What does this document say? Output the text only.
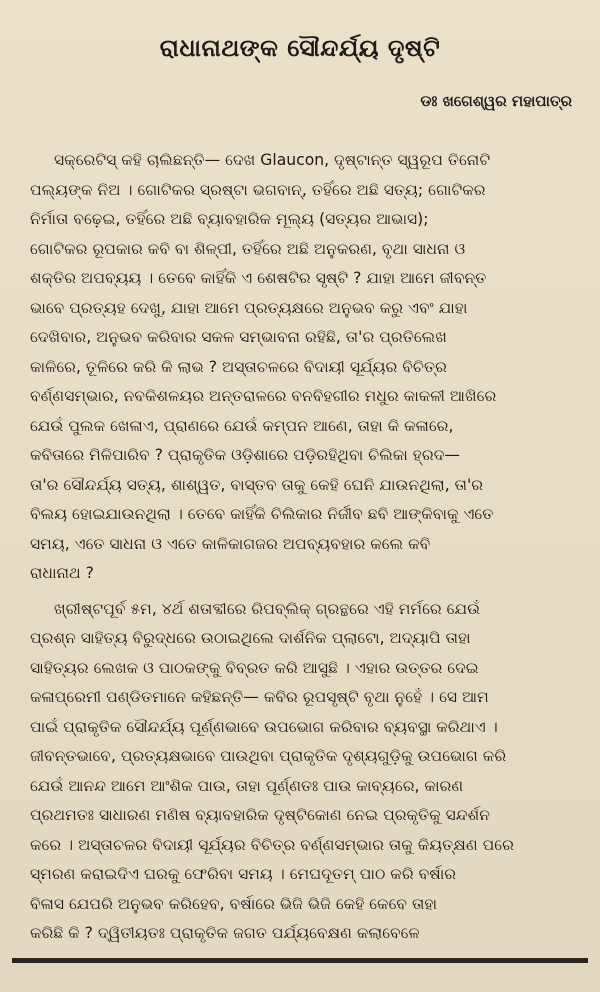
ରାଧାନାଥଙ୍କ ସୌନ୍ଦର୍ଯ୍ୟ ଦୃଷ୍ଟି
ଡଃ ଖଗେଶ୍ୱର ମହାପାତ୍ର
ସକ୍ରେଟିସ୍ କହି ଚାଲିଛନ୍ତି— ଦେଖ Glaucon, ଦୃଷ୍ଟାନ୍ତ ସ୍ୱରୂପ ତିନୋଟି
ପଲ୍ୟଙ୍କ ନିଅ । ଗୋଟିକର ସ୍ରଷ୍ଟା ଭଗବାନ୍, ତହିଁରେ ଅଛି ସତ୍ୟ; ଗୋଟିକର
ନିର୍ମାତା ବଢ଼େଇ, ତହିଁରେ ଅଛି ବ୍ୟାବହାରିକ ମୂଲ୍ୟ (ସତ୍ୟର ଆଭାସ);
ଗୋଟିକର ରୂପକାର କବି ବା ଶିଳ୍ପୀ, ତହିଁରେ ଅଛି ଅନୁକରଣ, ବୃଥା ସାଧନା ଓ
ଶକ୍ତିର ଅପବ୍ୟୟ । ତେବେ କାହିଁକି ଏ ଶେଷଟିର ସୃଷ୍ଟି ? ଯାହା ଆମେ ଜୀବନ୍ତ
ଭାବେ ପ୍ରତ୍ୟହ ଦେଖୁ, ଯାହା ଆମେ ପ୍ରତ୍ୟକ୍ଷରେ ଅନୁଭବ କରୁ ଏବଂ ଯାହା
ଦେଖିବାର, ଅନୁଭବ କରିବାର ସକଳ ସମ୍ଭାବନା ରହିଛି, ତା'ର ପ୍ରତିଲେଖ
କାଳିରେ, ତୂଳିରେ କରି କି ଲାଭ ? ଅସ୍ତାଚଳରେ ବିଦାୟୀ ସୂର୍ଯ୍ୟର ବିଚିତ୍ର
ବର୍ଣ୍ଣସମ୍ଭାର, ନବକିଶଳୟର ଅନ୍ତରାଳରେ ବନବିହଗୀର ମଧୁର କାକଳୀ ଆଖିରେ
ଯେଉଁ ପୁଲକ ଖେଳାଏ, ପ୍ରାଣରେ ଯେଉଁ କମ୍ପନ ଆଣେ, ତାହା କି କଳାରେ,
କବିତାରେ ମିଳିପାରିବ ? ପ୍ରାକୃତିକ ଓଡ଼ିଶାରେ ପଡ଼ିରହିଥିବା ଚିଲିକା ହ୍ରଦ—
ତା'ର ସୌନ୍ଦର୍ଯ୍ୟ ସତ୍ୟ, ଶାଶ୍ୱତ, ବାସ୍ତବ ତାକୁ କେହି ଘେନି ଯାଉନଥିଲା, ତା'ର
ବିଲୟ ହୋଇଯାଉନଥିଲା । ତେବେ କାହିଁକି ଚିଲିକାର ନିର୍ଜୀବ ଛବି ଆଙ୍କିବାକୁ ଏତେ
ସମୟ, ଏତେ ସାଧନା ଓ ଏତେ କାଳିକାଗଜର ଅପବ୍ୟବହାର କଲେ କବି
ରାଧାନାଥ ?
ଖ୍ରୀଷ୍ଟପୂର୍ବ ୫ମ, ୪ର୍ଥ ଶତାବ୍ଦୀରେ ରିପବ୍ଲିକ୍ ଗ୍ରନ୍ଥରେ ଏହି ମର୍ମରେ ଯେଉଁ
ପ୍ରଶ୍ନ ସାହିତ୍ୟ ବିରୁଦ୍ଧରେ ଉଠାଇଥିଲେ ଦାର୍ଶନିକ ପ୍ଲାଟୋ, ଅଦ୍ୟାପି ତାହା
ସାହିତ୍ୟର ଲେଖକ ଓ ପାଠକଙ୍କୁ ବିବ୍ରତ କରି ଆସୁଛି । ଏହାର ଉତ୍ତର ଦେଇ
କଳାପ୍ରେମୀ ପଣ୍ଡିତମାନେ କହିଛନ୍ତି— କବିର ରୂପସୃଷ୍ଟି ବୃଥା ନୁହେଁ । ସେ ଆମ
ପାଇଁ ପ୍ରାକୃତିକ ସୌନ୍ଦର୍ଯ୍ୟ ପୂର୍ଣ୍ଣଭାବେ ଉପଭୋଗ କରିବାର ବ୍ୟବସ୍ଥା କରିଥାଏ ।
ଜୀବନ୍ତଭାବେ, ପ୍ରତ୍ୟକ୍ଷଭାବେ ପାଉଥିବା ପ୍ରାକୃତିକ ଦୃଶ୍ୟଗୁଡ଼ିକୁ ଉପଭୋଗ କରି
ଯେଉଁ ଆନନ୍ଦ ଆମେ ଆଂଶିକ ପାଉ, ତାହା ପୂର୍ଣ୍ଣତଃ ପାଉ କାବ୍ୟରେ, କାରଣ
ପ୍ରଥମତଃ ସାଧାରଣ ମଣିଷ ବ୍ୟାବହାରିକ ଦୃଷ୍ଟିକୋଣ ନେଇ ପ୍ରକୃତିକୁ ସନ୍ଦର୍ଶନ
କରେ । ଅସ୍ତାଚଳର ବିଦାୟୀ ସୂର୍ଯ୍ୟର ବିଚିତ୍ର ବର୍ଣ୍ଣସମ୍ଭାର ତାକୁ କିୟତ୍କ୍ଷଣ ପରେ
ସ୍ମରଣ କରାଇଦିଏ ଘରକୁ ଫେରିବା ସମୟ । ମେଘଦୂତମ୍ ପାଠ କରି ବର୍ଷାର
ବିଳାସ ଯେପରି ଅନୁଭବ କରିହେବ, ବର୍ଷାରେ ଭିଜି ଭିଜି କେହି କେବେ ତାହା
କରିଛି କି ? ଦ୍ୱିତୀୟତଃ ପ୍ରାକୃତିକ ଜଗତ ପର୍ଯ୍ୟବେକ୍ଷଣ କଲାବେଳେ
